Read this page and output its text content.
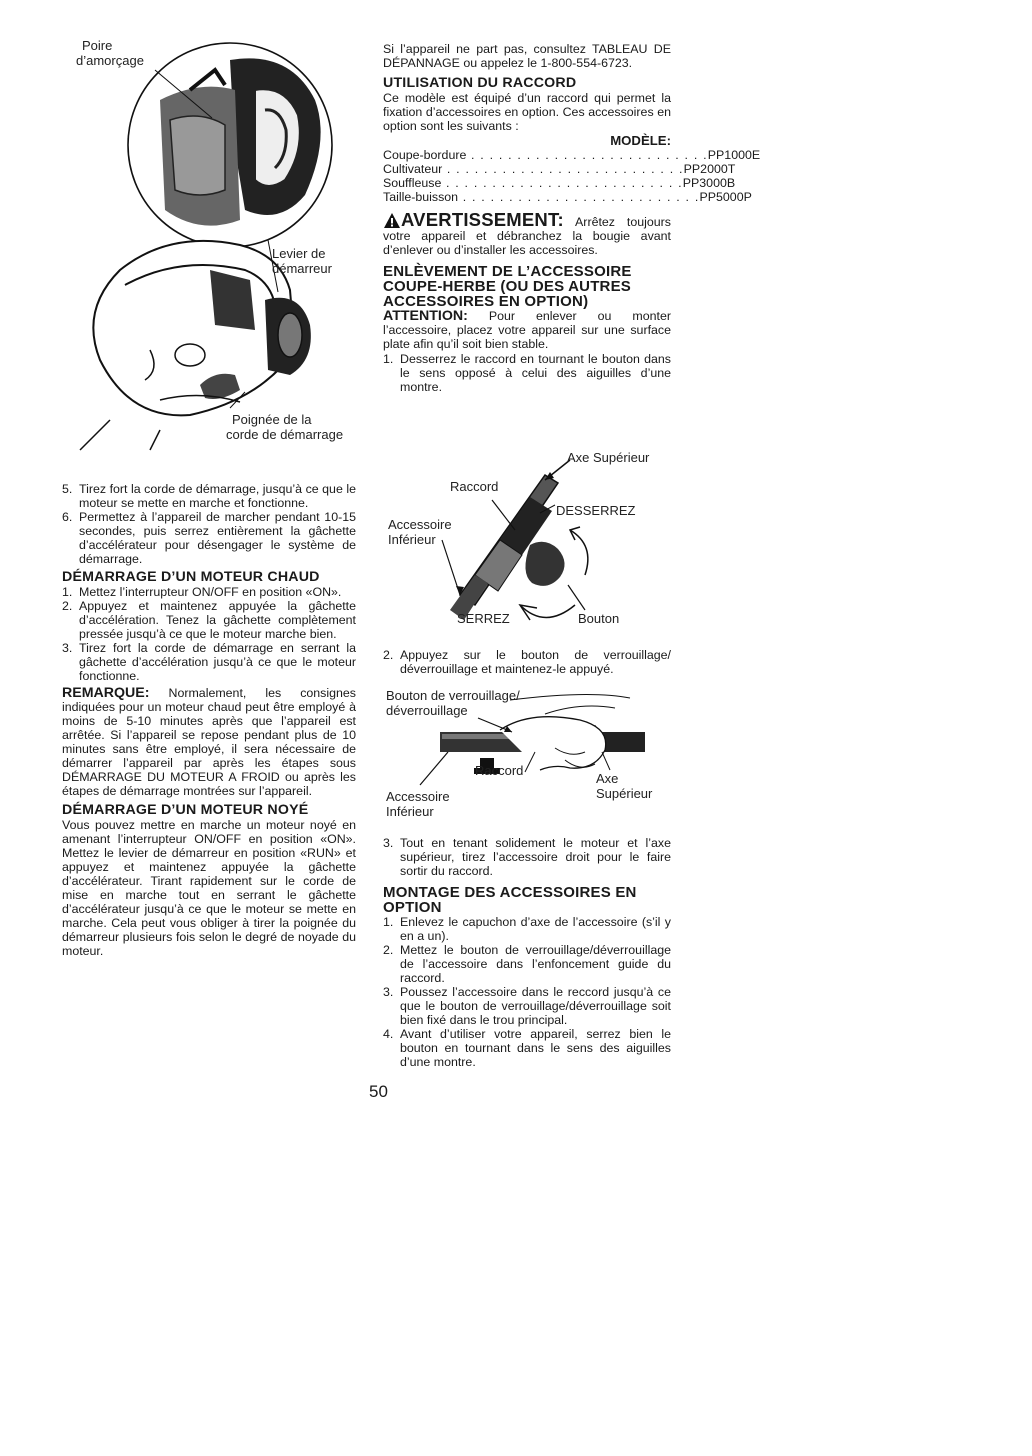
Poire
d’amorçage
Levier de
démarreur
Poignée de la
corde de démarrage
5. Tirez fort la corde de démarrage, jusqu’à ce que le moteur se mette en marche et fonctionne.
6. Permettez à l’appareil de marcher pendant 10-15 secondes, puis serrez entièrement la gâchette d’accélérateur pour désengager le système de démarrage.
DÉMARRAGE D’UN MOTEUR CHAUD
1. Mettez l’interrupteur ON/OFF en position «ON».
2. Appuyez et maintenez appuyée la gâchette d’accélération. Tenez la gâchette complètement pressée jusqu’à ce que le moteur marche bien.
3. Tirez fort la corde de démarrage en serrant la gâchette d’accélération jusqu’à ce que le moteur fonctionne.
REMARQUE: Normalement, les consignes indiquées pour un moteur chaud peut être employé à moins de 5-10 minutes après que l’appareil est arrêtée. Si l’appareil se repose pendant plus de 10 minutes sans être employé, il sera nécessaire de démarrer l’appareil par après les étapes sous DÉMARRAGE DU MOTEUR A FROID ou après les étapes de démarrage montrées sur l’appareil.
DÉMARRAGE D’UN MOTEUR NOYÉ
Vous pouvez mettre en marche un moteur noyé en amenant l’interrupteur ON/OFF en position «ON». Mettez le levier de démarreur en position «RUN» et appuyez et maintenez appuyée la gâchette d’accélérateur. Tirant rapidement sur le corde de mise en marche tout en serrant le gâchette d’accélérateur jusqu’à ce que le moteur se mette en marche. Cela peut vous obliger à tirer la poignée du démarreur plusieurs fois selon le degré de noyade du moteur.
Si l’appareil ne part pas, consultez TABLEAU DE DÉPANNAGE ou appelez le 1-800-554-6723.
UTILISATION DU RACCORD
Ce modèle est équipé d’un raccord qui permet la fixation d’accessoires en option. Ces accessoires en option sont les suivants :
MODÈLE:
Coupe-bordure . . . . . . . . . . . . . . . . . . . . . . . . . . PP1000E
Cultivateur . . . . . . . . . . . . . . . . . . . . . . . . . . PP2000T
Souffleuse . . . . . . . . . . . . . . . . . . . . . . . . . . PP3000B
Taille-buisson . . . . . . . . . . . . . . . . . . . . . . . . . . PP5000P
AVERTISSEMENT: Arrêtez toujours votre appareil et débranchez la bougie avant d’enlever ou d’installer les accessoires.
ENLÈVEMENT DE L’ACCESSOIRE COUPE-HERBE (OU DES AUTRES ACCESSOIRES EN OPTION)
ATTENTION: Pour enlever ou monter l’accessoire, placez votre appareil sur une surface plate afin qu’il soit bien stable.
1. Desserrez le raccord en tournant le bouton dans le sens opposé à celui des aiguilles d’une montre.
Axe Supérieur
Raccord
DESSERREZ
Accessoire
Inférieur
SERREZ	Bouton
2. Appuyez sur le bouton de verrouillage/ déverrouillage et maintenez-le appuyé.
Bouton de verrouillage/
déverrouillage
Raccord
Axe
Supérieur
Accessoire
Inférieur
3. Tout en tenant solidement le moteur et l’axe supérieur, tirez l’accessoire droit pour le faire sortir du raccord.
MONTAGE DES ACCESSOIRES EN OPTION
1. Enlevez le capuchon d’axe de l’accessoire (s’il y en a un).
2. Mettez le bouton de verrouillage/déverrouillage de l’accessoire dans l’enfoncement guide du raccord.
3. Poussez l’accessoire dans le reccord jusqu’à ce que le bouton de verrouillage/déverrouillage soit bien fixé dans le trou principal.
4. Avant d’utiliser votre appareil, serrez bien le bouton en tournant dans le sens des aiguilles d’une montre.
50
